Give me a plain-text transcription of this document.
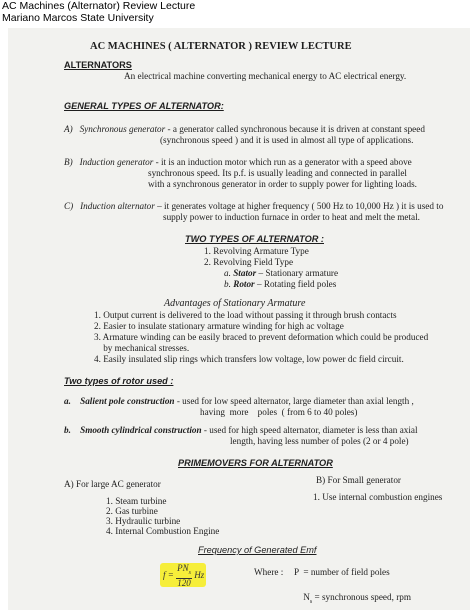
AC Machines (Alternator) Review Lecture
Mariano Marcos State University
AC MACHINES ( ALTERNATOR ) REVIEW LECTURE
ALTERNATORS
An electrical machine converting mechanical energy to AC electrical energy.
GENERAL TYPES OF ALTERNATOR:
A) Synchronous generator - a generator called synchronous because it is driven at constant speed
(synchronous speed ) and it is used in almost all type of applications.
B) Induction generator - it is an induction motor which run as a generator with a speed above
synchronous speed. Its p.f. is usually leading and connected in parallel
with a synchronous generator in order to supply power for lighting loads.
C) Induction alternator – it generates voltage at higher frequency ( 500 Hz to 10,000 Hz ) it is used to
supply power to induction furnace in order to heat and melt the metal.
TWO TYPES OF ALTERNATOR :
1. Revolving Armature Type
2. Revolving Field Type
a. Stator – Stationary armature
b. Rotor – Rotating field poles
Advantages of Stationary Armature
1. Output current is delivered to the load without passing it through brush contacts
2. Easier to insulate stationary armature winding for high ac voltage
3. Armature winding can be easily braced to prevent deformation which could be produced
by mechanical stresses.
4. Easily insulated slip rings which transfers low voltage, low power dc field circuit.
Two types of rotor used :
a. Salient pole construction - used for low speed alternator, large diameter than axial length ,
having  more    poles  ( from 6 to 40 poles)
b. Smooth cylindrical construction - used for high speed alternator, diameter is less than axial
length, having less number of poles (2 or 4 pole)
PRIMEMOVERS FOR ALTERNATOR
A) For large AC generator
1. Steam turbine
2. Gas turbine
3. Hydraulic turbine
4. Internal Combustion Engine
B) For Small generator
1. Use internal combustion engines
Frequency of Generated Emf
$f = \frac{PN_s}{120}$ Hz	Where : P  = number of field poles

$N_s$ = synchronous speed, rpm
